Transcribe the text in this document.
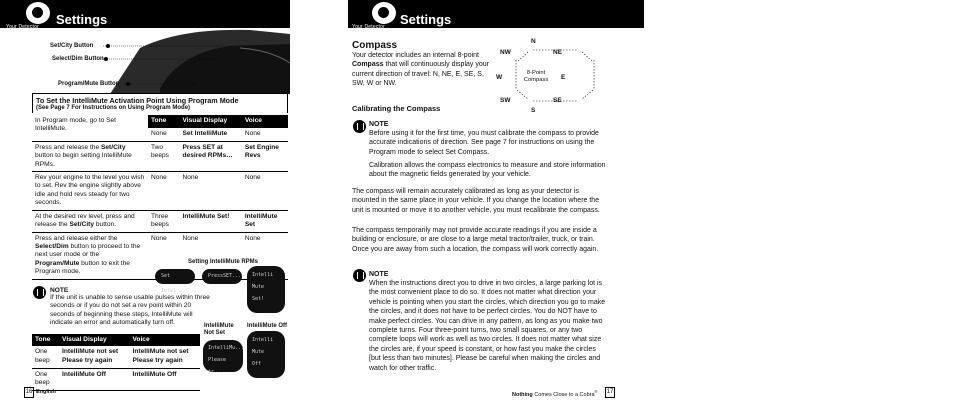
Your Detector Settings
Set/City Button
Select/Dim Button
Program/Mute Button
To Set the IntelliMute Activation Point Using Program Mode
(See Page 7 For Instructions on Using Program Mode)
In Program mode, go to Set IntelliMute.	Tone	Visual Display	Voice
	None	Set IntelliMute	None
Press and release the Set/City button to begin setting IntelliMute RPMs.	Two beeps	Press SET at desired RPMs…	Set Engine Revs
Rev your engine to the level you wish to set. Rev the engine slightly above idle and hold revs steady for two seconds.	None	None	None
At the desired rev level, press and release the Set/City button.	Three beeps	IntelliMute Set!	IntelliMute Set
Press and release either the Select/Dim button to proceed to the next user mode or the Program/Mute button to exit the Program mode.	None	None	None
Setting IntelliMute RPMs
Set Intel...
PressSET...	Intelli
Mute
Set!
IntelliMute Not Set
IntelliMute Off
IntelliMu...
Please tr...
Intelli
Mute
Off
NOTE
If the unit is unable to sense usable pulses within three seconds or if you do not set a rev point within 20 seconds of beginning these steps, IntelliMute will indicate an error and automatically turn off.
Tone	Visual Display	Voice
One beep	IntelliMute not set Please try again	IntelliMute not set Please try again
One beep	IntelliMute Off	IntelliMute Off
16 English
Your Detector Settings
Compass
Your detector includes an internal 8-point Compass that will continuously display your current direction of travel: N, NE, E, SE, S, SW, W or NW.
N
NE
E
SE
S
SW
W
NW
8-Point Compass
Calibrating the Compass
NOTE
Before using it for the first time, you must calibrate the compass to provide accurate indications of direction. See page 7 for instructions on using the Program mode to select Set Compass.
Calibration allows the compass electronics to measure and store information about the magnetic fields generated by your vehicle.
The compass will remain accurately calibrated as long as your detector is mounted in the same place in your vehicle. If you change the location where the unit is mounted or move it to another vehicle, you must recalibrate the compass.
The compass temporarily may not provide accurate readings if you are inside a building or enclosure, or are close to a large metal tractor/trailer, truck, or train. Once you are away from such a location, the compass will work correctly again.
NOTE
When the instructions direct you to drive in two circles, a large parking lot is the most convenient place to do so. It does not matter what direction your vehicle is pointing when you start the circles, which direction you go to make the circles, and it does not have to be perfect circles. You do NOT have to make perfect circles. You can drive in any pattern, as long as you make two complete turns. Four three-point turns, two small squares, or any two complete loops will work as well as two circles. It does not matter what size the circles are, if your speed is constant, or how fast you make the circles [but less than two minutes]. Please be careful when making the circles and watch for other traffic.
Nothing Comes Close to a Cobra® 17
